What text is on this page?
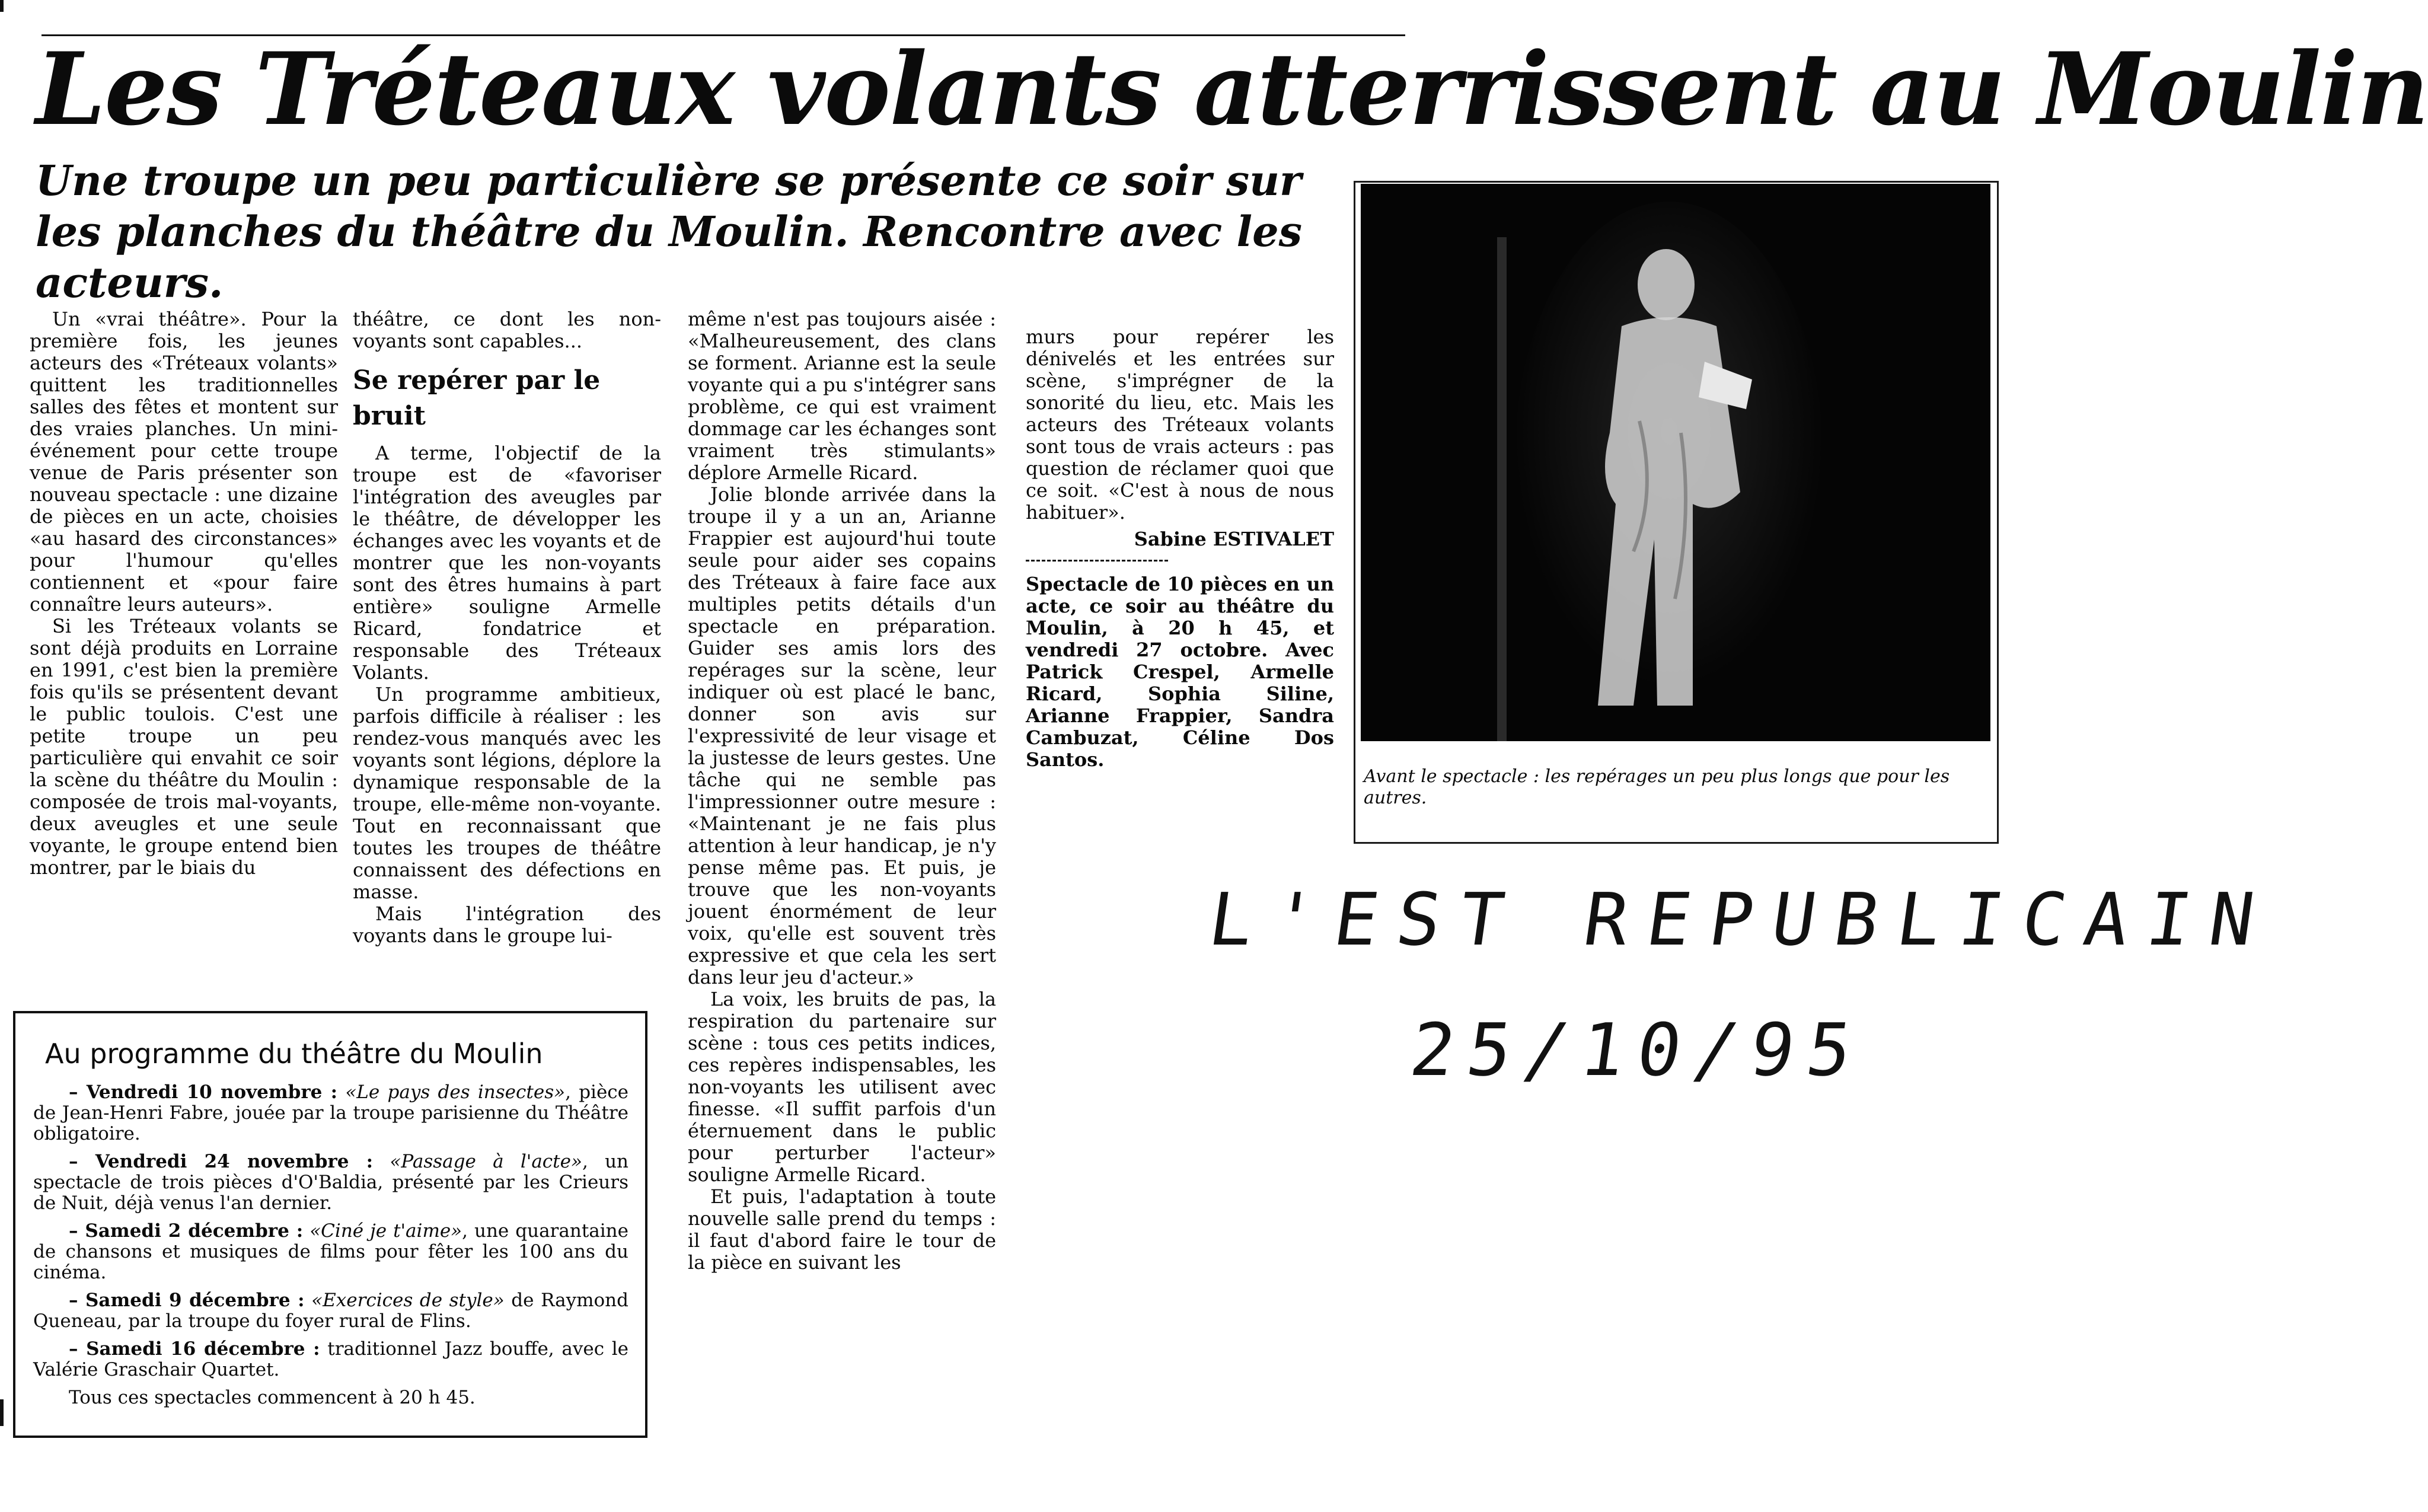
Les Tréteaux volants atterrissent au Moulin
Une troupe un peu particulière se présente ce soir sur les planches du théâtre du Moulin. Rencontre avec les acteurs.

Un «vrai théâtre». Pour la première fois, les jeunes acteurs des «Tréteaux volants» quittent les traditionnelles salles des fêtes et montent sur des vraies planches. Un mini-événement pour cette troupe venue de Paris présenter son nouveau spectacle : une dizaine de pièces en un acte, choisies «au hasard des circonstances» pour l'humour qu'elles contiennent et «pour faire connaître leurs auteurs».

Si les Tréteaux volants se sont déjà produits en Lorraine en 1991, c'est bien la première fois qu'ils se présentent devant le public toulois. C'est une petite troupe un peu particulière qui envahit ce soir la scène du théâtre du Moulin : composée de trois mal-voyants, deux aveugles et une seule voyante, le groupe entend bien montrer, par le biais du

théâtre, ce dont les non-voyants sont capables...

Se repérer par le bruit

A terme, l'objectif de la troupe est de «favoriser l'intégration des aveugles par le théâtre, de développer les échanges avec les voyants et de montrer que les non-voyants sont des êtres humains à part entière» souligne Armelle Ricard, fondatrice et responsable des Tréteaux Volants.

Un programme ambitieux, parfois difficile à réaliser : les rendez-vous manqués avec les voyants sont légions, déplore la dynamique responsable de la troupe, elle-même non-voyante. Tout en reconnaissant que toutes les troupes de théâtre connaissent des défections en masse.

Mais l'intégration des voyants dans le groupe lui-

même n'est pas toujours aisée : «Malheureusement, des clans se forment. Arianne est la seule voyante qui a pu s'intégrer sans problème, ce qui est vraiment dommage car les échanges sont vraiment très stimulants» déplore Armelle Ricard.

Jolie blonde arrivée dans la troupe il y a un an, Arianne Frappier est aujourd'hui toute seule pour aider ses copains des Tréteaux à faire face aux multiples petits détails d'un spectacle en préparation. Guider ses amis lors des repérages sur la scène, leur indiquer où est placé le banc, donner son avis sur l'expressivité de leur visage et la justesse de leurs gestes. Une tâche qui ne semble pas l'impressionner outre mesure : «Maintenant je ne fais plus attention à leur handicap, je n'y pense même pas. Et puis, je trouve que les non-voyants jouent énormément de leur voix, qu'elle est souvent très expressive et que cela les sert dans leur jeu d'acteur.»

La voix, les bruits de pas, la respiration du partenaire sur scène : tous ces petits indices, ces repères indispensables, les non-voyants les utilisent avec finesse. «Il suffit parfois d'un éternuement dans le public pour perturber l'acteur» souligne Armelle Ricard.

Et puis, l'adaptation à toute nouvelle salle prend du temps : il faut d'abord faire le tour de la pièce en suivant les

murs pour repérer les dénivelés et les entrées sur scène, s'imprégner de la sonorité du lieu, etc. Mais les acteurs des Tréteaux volants sont tous de vrais acteurs : pas question de réclamer quoi que ce soit. «C'est à nous de nous habituer».

Sabine ESTIVALET
Spectacle de 10 pièces en un acte, ce soir au théâtre du Moulin, à 20 h 45, et vendredi 27 octobre. Avec Patrick Crespel, Armelle Ricard, Sophia Siline, Arianne Frappier, Sandra Cambuzat, Céline Dos Santos.
Au programme du théâtre du Moulin

– Vendredi 10 novembre : «Le pays des insectes», pièce de Jean-Henri Fabre, jouée par la troupe parisienne du Théâtre obligatoire.

– Vendredi 24 novembre : «Passage à l'acte», un spectacle de trois pièces d'O'Baldia, présenté par les Crieurs de Nuit, déjà venus l'an dernier.

– Samedi 2 décembre : «Ciné je t'aime», une quarantaine de chansons et musiques de films pour fêter les 100 ans du cinéma.

– Samedi 9 décembre : «Exercices de style» de Raymond Queneau, par la troupe du foyer rural de Flins.

– Samedi 16 décembre : traditionnel Jazz bouffe, avec le Valérie Graschair Quartet.

Tous ces spectacles commencent à 20 h 45.

Avant le spectacle : les repérages un peu plus longs que pour les autres.
L'EST REPUBLICAIN
25/10/95
